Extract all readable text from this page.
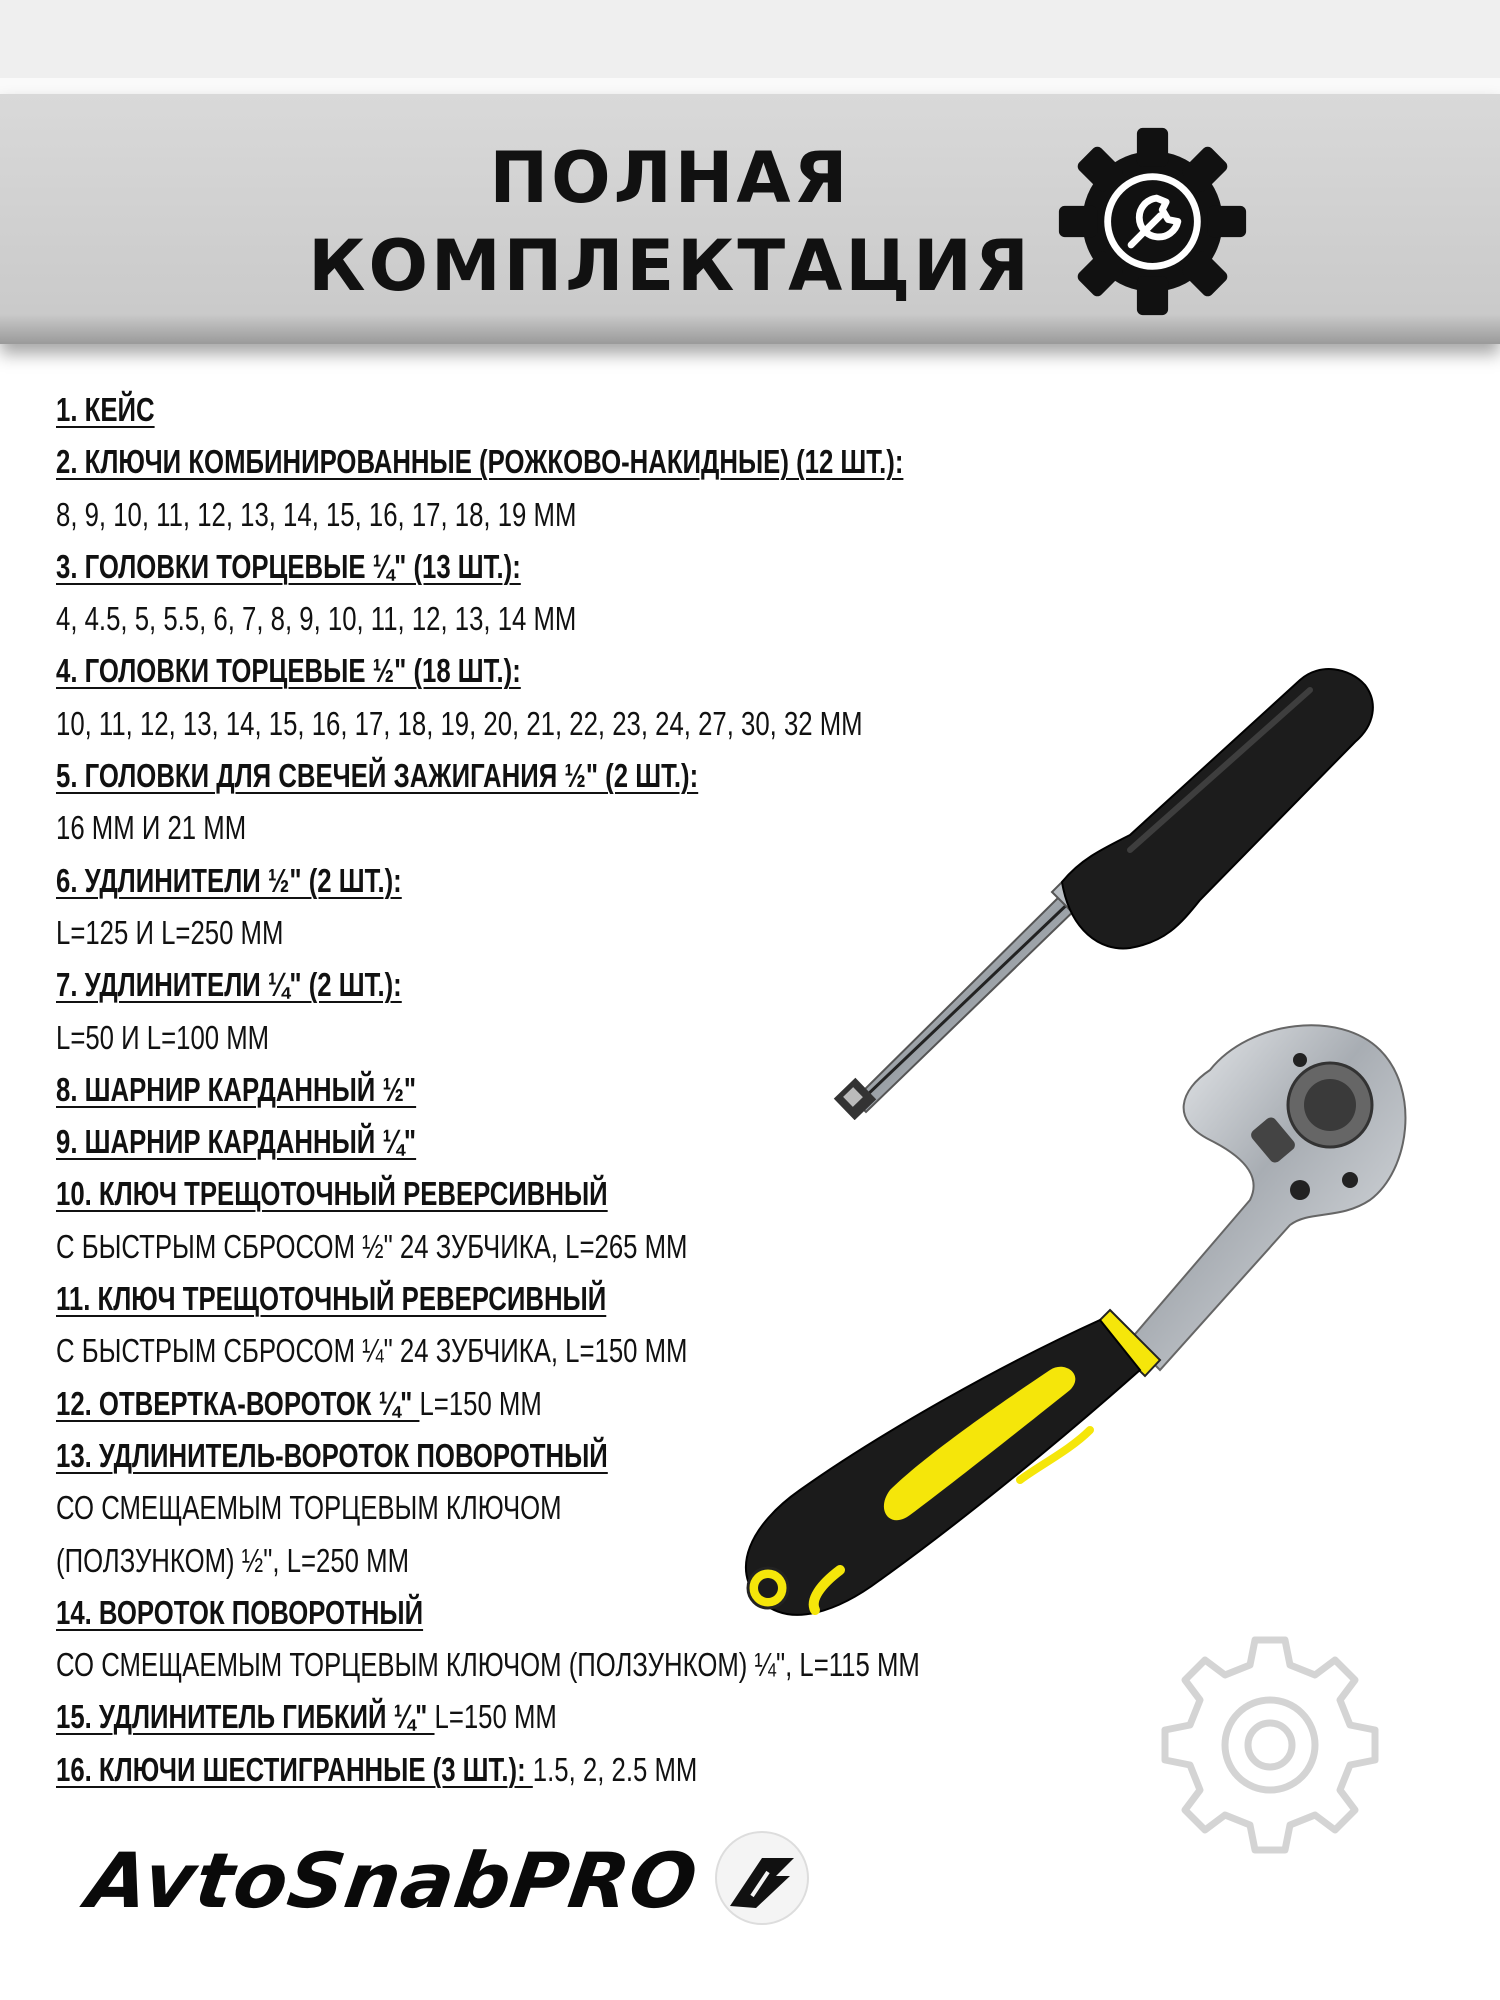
ПОЛНАЯ
КОМПЛЕКТАЦИЯ
1. КЕЙС
2. КЛЮЧИ КОМБИНИРОВАННЫЕ (РОЖКОВО-НАКИДНЫЕ) (12 ШТ.):
8, 9, 10, 11, 12, 13, 14, 15, 16, 17, 18, 19 ММ
3. ГОЛОВКИ ТОРЦЕВЫЕ ¼" (13 ШТ.):
4, 4.5, 5, 5.5, 6, 7, 8, 9, 10, 11, 12, 13, 14 ММ
4. ГОЛОВКИ ТОРЦЕВЫЕ ½" (18 ШТ.):
10, 11, 12, 13, 14, 15, 16, 17, 18, 19, 20, 21, 22, 23, 24, 27, 30, 32 ММ
5. ГОЛОВКИ ДЛЯ СВЕЧЕЙ ЗАЖИГАНИЯ ½" (2 ШТ.):
16 ММ И 21 ММ
6. УДЛИНИТЕЛИ ½" (2 ШТ.):
L=125 И L=250 ММ
7. УДЛИНИТЕЛИ ¼" (2 ШТ.):
L=50 И L=100 ММ
8. ШАРНИР КАРДАННЫЙ ½"
9. ШАРНИР КАРДАННЫЙ ¼"
10. КЛЮЧ ТРЕЩОТОЧНЫЙ РЕВЕРСИВНЫЙ
С БЫСТРЫМ СБРОСОМ ½" 24 ЗУБЧИКА, L=265 ММ
11. КЛЮЧ ТРЕЩОТОЧНЫЙ РЕВЕРСИВНЫЙ
С БЫСТРЫМ СБРОСОМ ¼" 24 ЗУБЧИКА, L=150 ММ
12. ОТВЕРТКА-ВОРОТОК ¼" L=150 ММ
13. УДЛИНИТЕЛЬ-ВОРОТОК ПОВОРОТНЫЙ
СО СМЕЩАЕМЫМ ТОРЦЕВЫМ КЛЮЧОМ
(ПОЛЗУНКОМ) ½", L=250 ММ
14. ВОРОТОК ПОВОРОТНЫЙ
СО СМЕЩАЕМЫМ ТОРЦЕВЫМ КЛЮЧОМ (ПОЛЗУНКОМ) ¼", L=115 ММ
15. УДЛИНИТЕЛЬ ГИБКИЙ ¼" L=150 ММ
16. КЛЮЧИ ШЕСТИГРАННЫЕ (3 ШТ.): 1.5, 2, 2.5 ММ
AvtoSnabPRO
